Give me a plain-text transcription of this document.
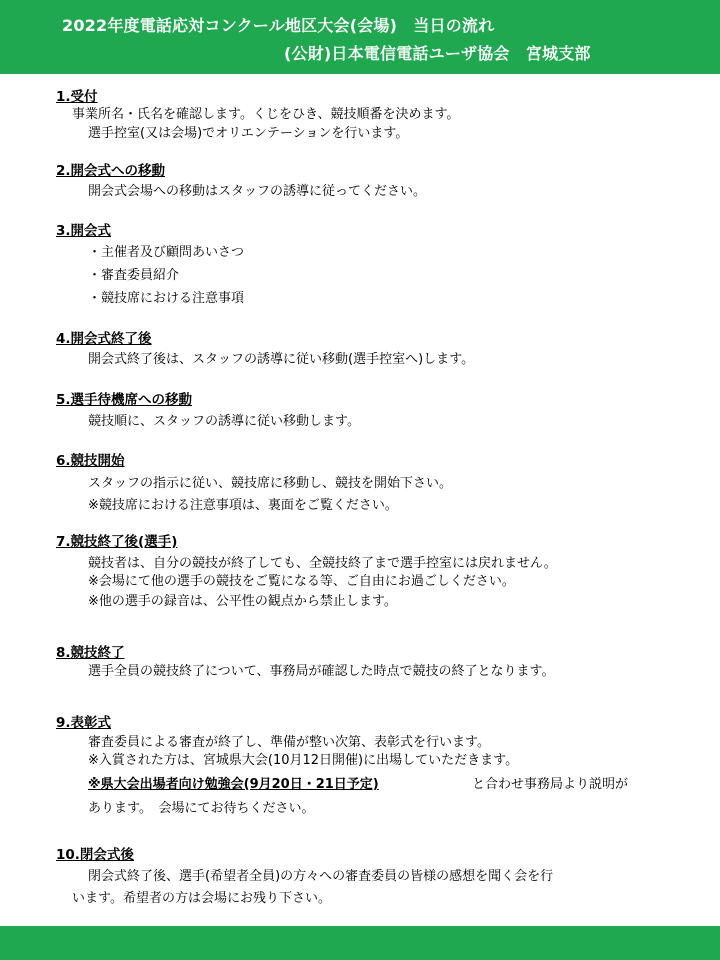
2022年度電話応対コンクール地区大会(会場)　当日の流れ
(公財)日本電信電話ユーザ協会　宮城支部
1.受付
事業所名・氏名を確認します。くじをひき、競技順番を決めます。
選手控室(又は会場)でオリエンテーションを行います。
2.開会式への移動
開会式会場への移動はスタッフの誘導に従ってください。
3.開会式
・主催者及び顧問あいさつ
・審査委員紹介
・競技席における注意事項
4.開会式終了後
開会式終了後は、スタッフの誘導に従い移動(選手控室へ)します。
5.選手待機席への移動
競技順に、スタッフの誘導に従い移動します。
6.競技開始
スタッフの指示に従い、競技席に移動し、競技を開始下さい。
※競技席における注意事項は、裏面をご覧ください。
7.競技終了後(選手)
競技者は、自分の競技が終了しても、全競技終了まで選手控室には戻れません。
※会場にて他の選手の競技をご覧になる等、ご自由にお過ごしください。
※他の選手の録音は、公平性の観点から禁止します。
8.競技終了
選手全員の競技終了について、事務局が確認した時点で競技の終了となります。
9.表彰式
審査委員による審査が終了し、準備が整い次第、表彰式を行います。
※入賞された方は、宮城県大会(10月12日開催)に出場していただきます。
※県大会出場者向け勉強会(9月20日・21日予定)	と合わせ事務局より説明が
あります。　会場にてお待ちください。
10.閉会式後
閉会式終了後、選手(希望者全員)の方々への審査委員の皆様の感想を聞く会を行
います。希望者の方は会場にお残り下さい。
